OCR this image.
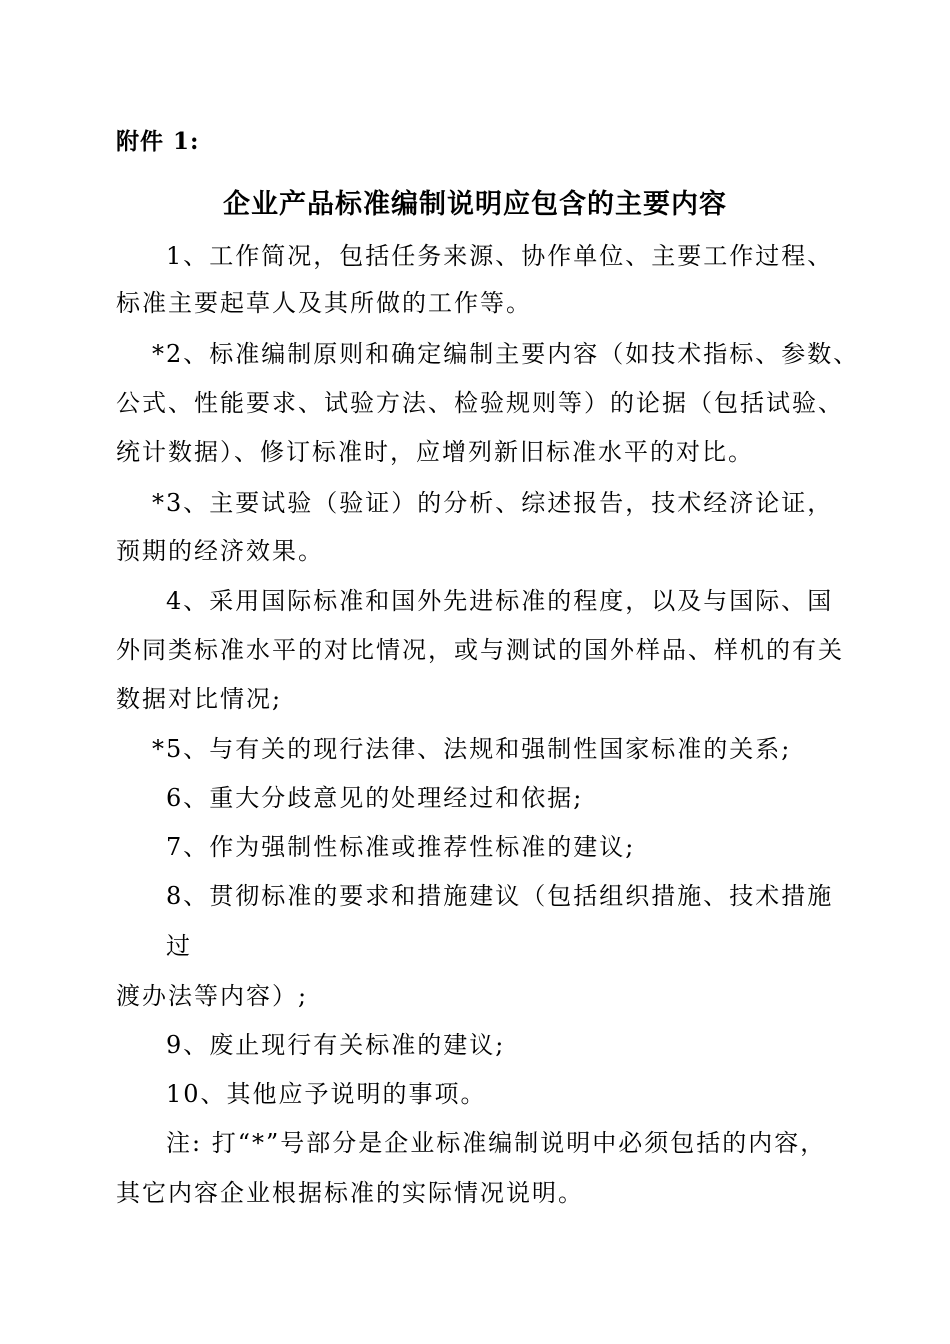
附件 1:
企业产品标准编制说明应包含的主要内容
1、工作简况，包括任务来源、协作单位、主要工作过程、
标准主要起草人及其所做的工作等。
*2、标准编制原则和确定编制主要内容（如技术指标、参数、
公式、性能要求、试验方法、检验规则等）的论据（包括试验、
统计数据）、修订标准时，应增列新旧标准水平的对比。
*3、主要试验（验证）的分析、综述报告，技术经济论证，
预期的经济效果。
4、采用国际标准和国外先进标准的程度，以及与国际、国
外同类标准水平的对比情况，或与测试的国外样品、样机的有关
数据对比情况;
*5、与有关的现行法律、法规和强制性国家标准的关系;
6、重大分歧意见的处理经过和依据;
7、作为强制性标准或推荐性标准的建议;
8、贯彻标准的要求和措施建议（包括组织措施、技术措施
过
渡办法等内容）;
9、废止现行有关标准的建议;
10、其他应予说明的事项。
注: 打“*”号部分是企业标准编制说明中必须包括的内容，
其它内容企业根据标准的实际情况说明。
